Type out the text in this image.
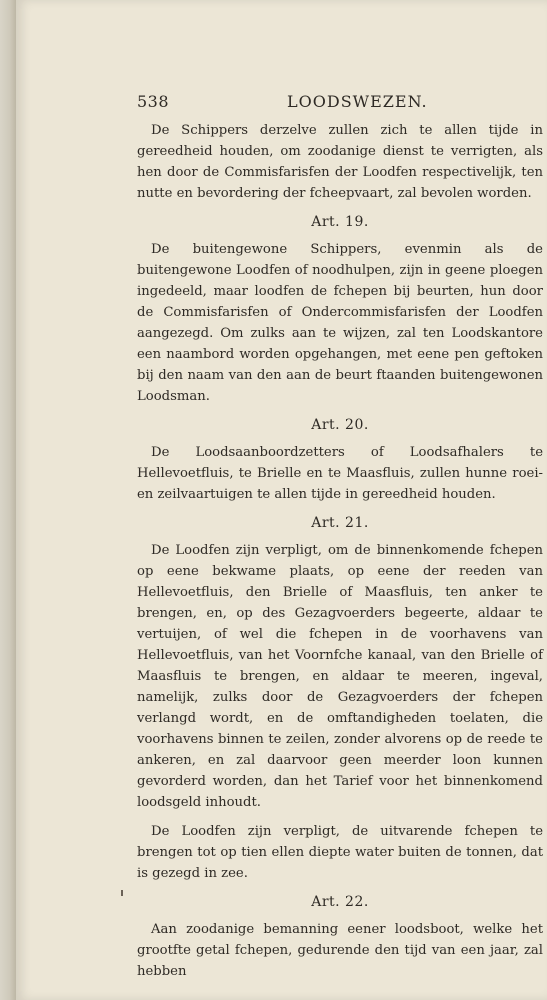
538	LOODSWEZEN.

De Schippers derzelve zullen zich te allen tijde in gereedheid houden, om zoodanige dienst te verrigten, als hen door de Commisfarisfen der Loodfen respectivelijk, ten nutte en bevordering der fcheepvaart, zal bevolen worden.

Art. 19.

De buitengewone Schippers, evenmin als de buitengewone Loodfen of noodhulpen, zijn in geene ploegen ingedeeld, maar loodfen de fchepen bij beurten, hun door de Commisfarisfen of Ondercommisfarisfen der Loodfen aangezegd. Om zulks aan te wijzen, zal ten Loodskantore een naambord worden opgehangen, met eene pen geftoken bij den naam van den aan de beurt ftaanden buitengewonen Loodsman.

Art. 20.

De Loodsaanboordzetters of Loodsafhalers te Hellevoetfluis, te Brielle en te Maasfluis, zullen hunne roei- en zeilvaartuigen te allen tijde in gereedheid houden.

Art. 21.

De Loodfen zijn verpligt, om de binnenkomende fchepen op eene bekwame plaats, op eene der reeden van Hellevoetfluis, den Brielle of Maasfluis, ten anker te brengen, en, op des Gezagvoerders begeerte, aldaar te vertuijen, of wel die fchepen in de voorhavens van Hellevoetfluis, van het Voornfche kanaal, van den Brielle of Maasfluis te brengen, en aldaar te meeren, ingeval, namelijk, zulks door de Gezagvoerders der fchepen verlangd wordt, en de omftandigheden toelaten, die voorhavens binnen te zeilen, zonder alvorens op de reede te ankeren, en zal daarvoor geen meerder loon kunnen gevorderd worden, dan het Tarief voor het binnenkomend loodsgeld inhoudt.

De Loodfen zijn verpligt, de uitvarende fchepen te brengen tot op tien ellen diepte water buiten de tonnen, dat is gezegd in zee.

Art. 22.

Aan zoodanige bemanning eener loodsboot, welke het grootfte getal fchepen, gedurende den tijd van een jaar, zal hebben
